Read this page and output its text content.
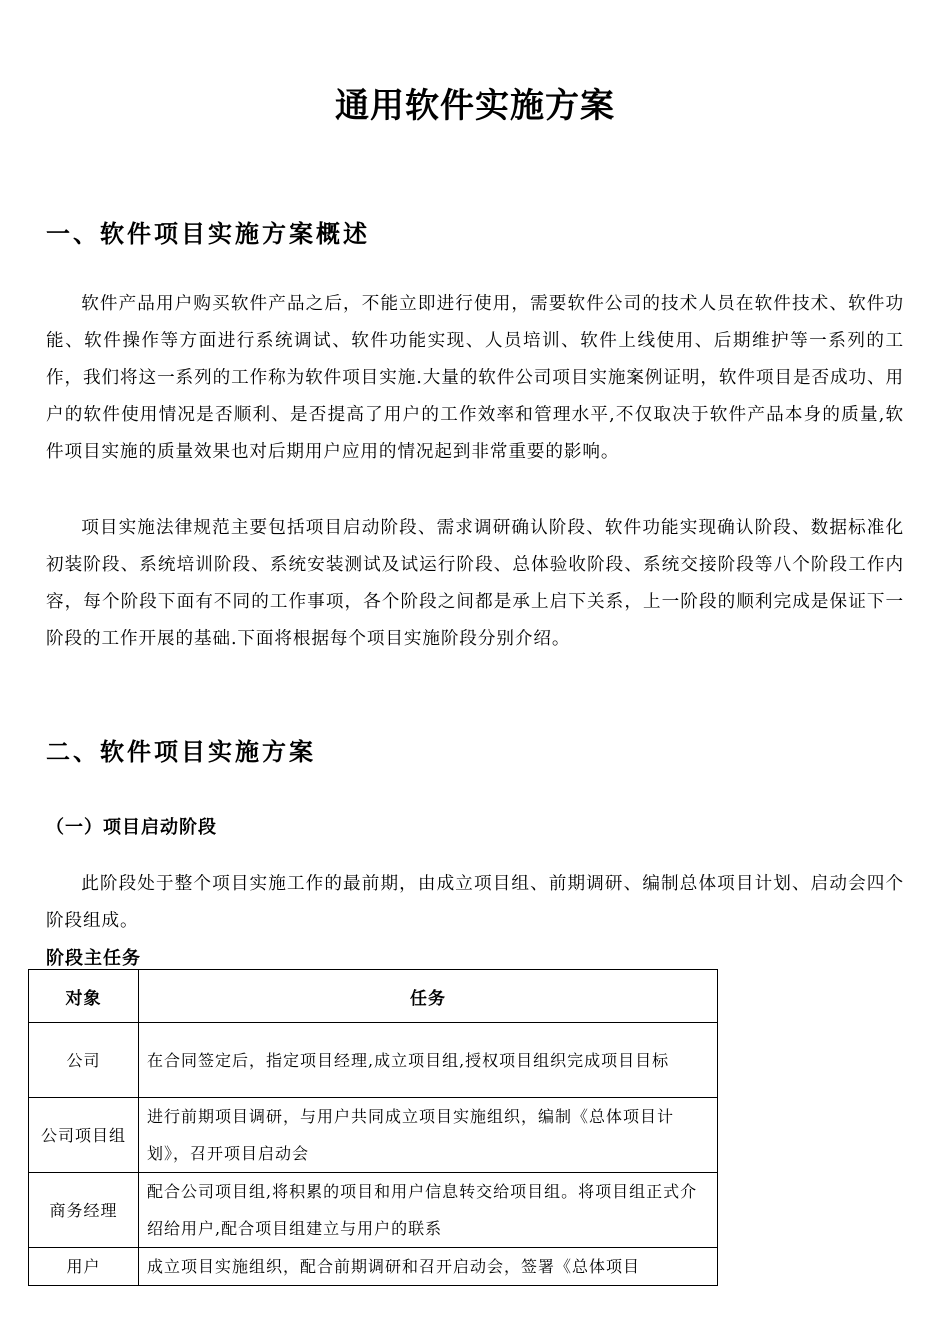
通用软件实施方案
一、软件项目实施方案概述

软件产品用户购买软件产品之后，不能立即进行使用，需要软件公司的技术人员在软件技术、软件功能、软件操作等方面进行系统调试、软件功能实现、人员培训、软件上线使用、后期维护等一系列的工作，我们将这一系列的工作称为软件项目实施.大量的软件公司项目实施案例证明，软件项目是否成功、用户的软件使用情况是否顺利、是否提高了用户的工作效率和管理水平,不仅取决于软件产品本身的质量,软件项目实施的质量效果也对后期用户应用的情况起到非常重要的影响。

项目实施法律规范主要包括项目启动阶段、需求调研确认阶段、软件功能实现确认阶段、数据标准化初装阶段、系统培训阶段、系统安装测试及试运行阶段、总体验收阶段、系统交接阶段等八个阶段工作内容，每个阶段下面有不同的工作事项，各个阶段之间都是承上启下关系，上一阶段的顺利完成是保证下一阶段的工作开展的基础.下面将根据每个项目实施阶段分别介绍。

二、软件项目实施方案
（一）项目启动阶段

此阶段处于整个项目实施工作的最前期，由成立项目组、前期调研、编制总体项目计划、启动会四个阶段组成。

阶段主任务
对象	任务
公司	在合同签定后，指定项目经理,成立项目组,授权项目组织完成项目目标
公司项目组	进行前期项目调研，与用户共同成立项目实施组织，编制《总体项目计划》，召开项目启动会
商务经理	配合公司项目组,将积累的项目和用户信息转交给项目组。将项目组正式介绍给用户,配合项目组建立与用户的联系
用户	成立项目实施组织，配合前期调研和召开启动会，签署《总体项目
